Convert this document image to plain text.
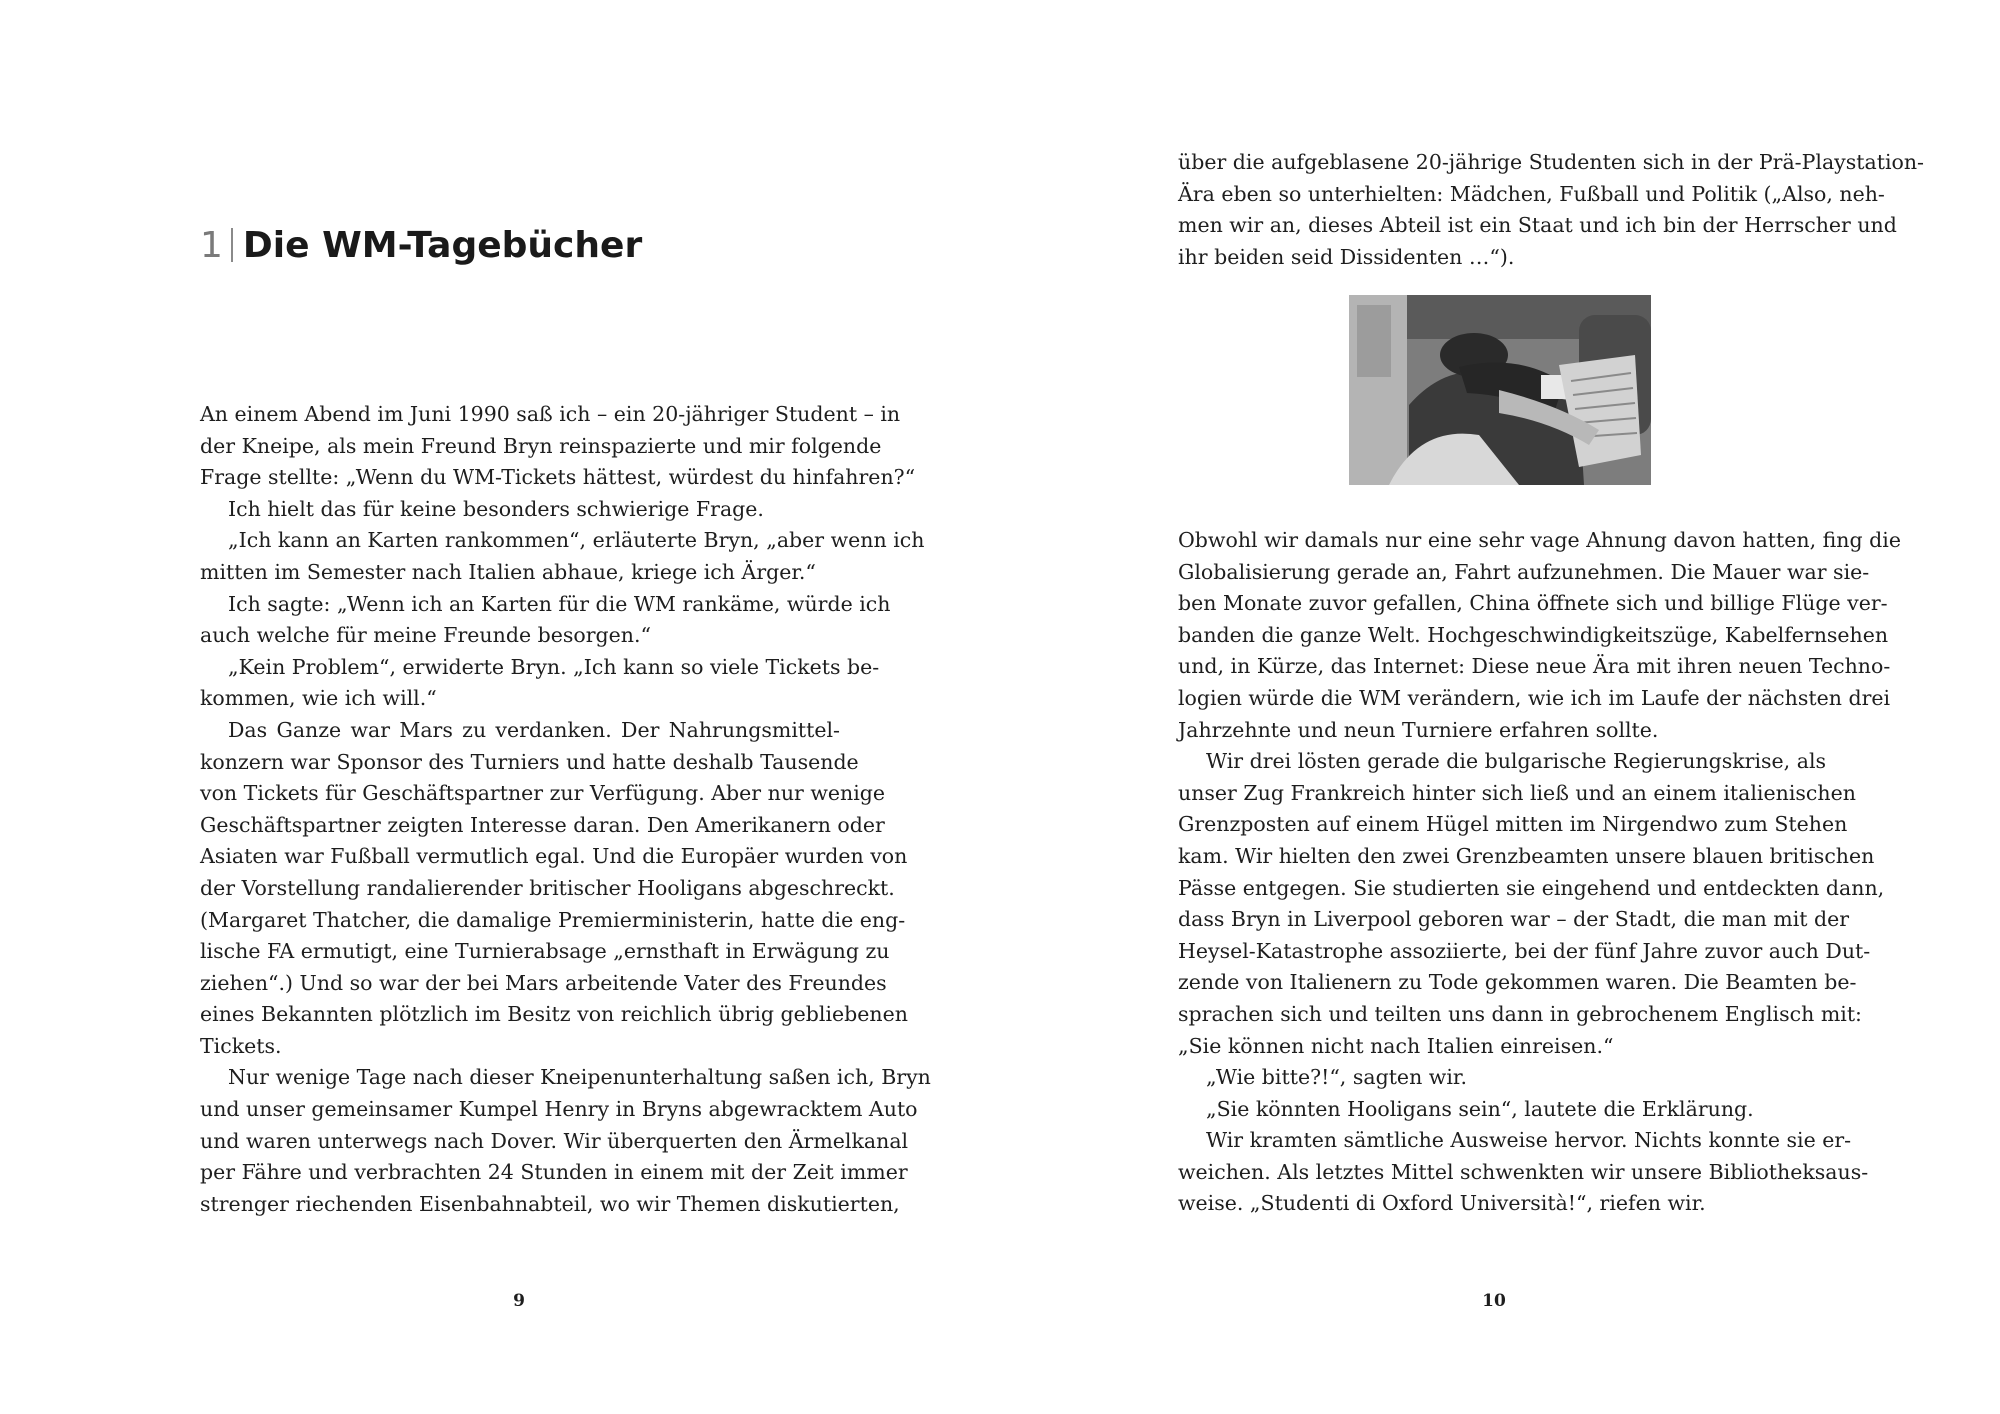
1 Die WM-Tagebücher

An einem Abend im Juni 1990 saß ich – ein 20-jähriger Student – in

der Kneipe, als mein Freund Bryn reinspazierte und mir folgende

Frage stellte: „Wenn du WM-Tickets hättest, würdest du hinfahren?“

Ich hielt das für keine besonders schwierige Frage.

„Ich kann an Karten rankommen“, erläuterte Bryn, „aber wenn ich

mitten im Semester nach Italien abhaue, kriege ich Ärger.“

Ich sagte: „Wenn ich an Karten für die WM rankäme, würde ich

auch welche für meine Freunde besorgen.“

„Kein Problem“, erwiderte Bryn. „Ich kann so viele Tickets be-

kommen, wie ich will.“

Das Ganze war Mars zu verdanken. Der Nahrungsmittel-

konzern war Sponsor des Turniers und hatte deshalb Tausende

von Tickets für Geschäftspartner zur Verfügung. Aber nur wenige

Geschäftspartner zeigten Interesse daran. Den Amerikanern oder

Asiaten war Fußball vermutlich egal. Und die Europäer wurden von

der Vorstellung randalierender britischer Hooligans abgeschreckt.

(Margaret Thatcher, die damalige Premierministerin, hatte die eng-

lische FA ermutigt, eine Turnierabsage „ernsthaft in Erwägung zu

ziehen“.) Und so war der bei Mars arbeitende Vater des Freundes

eines Bekannten plötzlich im Besitz von reichlich übrig gebliebenen

Tickets.

Nur wenige Tage nach dieser Kneipenunterhaltung saßen ich, Bryn

und unser gemeinsamer Kumpel Henry in Bryns abgewracktem Auto

und waren unterwegs nach Dover. Wir überquerten den Ärmelkanal

per Fähre und verbrachten 24 Stunden in einem mit der Zeit immer

strenger riechenden Eisenbahnabteil, wo wir Themen diskutierten,

9

über die aufgeblasene 20-jährige Studenten sich in der Prä-Playstation-

Ära eben so unterhielten: Mädchen, Fußball und Politik („Also, neh-

men wir an, dieses Abteil ist ein Staat und ich bin der Herrscher und

ihr beiden seid Dissidenten …“).

Obwohl wir damals nur eine sehr vage Ahnung davon hatten, fing die

Globalisierung gerade an, Fahrt aufzunehmen. Die Mauer war sie-

ben Monate zuvor gefallen, China öffnete sich und billige Flüge ver-

banden die ganze Welt. Hochgeschwindigkeitszüge, Kabelfernsehen

und, in Kürze, das Internet: Diese neue Ära mit ihren neuen Techno-

logien würde die WM verändern, wie ich im Laufe der nächsten drei

Jahrzehnte und neun Turniere erfahren sollte.

Wir drei lösten gerade die bulgarische Regierungskrise, als

unser Zug Frankreich hinter sich ließ und an einem italienischen

Grenzposten auf einem Hügel mitten im Nirgendwo zum Stehen

kam. Wir hielten den zwei Grenzbeamten unsere blauen britischen

Pässe entgegen. Sie studierten sie eingehend und entdeckten dann,

dass Bryn in Liverpool geboren war – der Stadt, die man mit der

Heysel-Katastrophe assoziierte, bei der fünf Jahre zuvor auch Dut-

zende von Italienern zu Tode gekommen waren. Die Beamten be-

sprachen sich und teilten uns dann in gebrochenem Englisch mit:

„Sie können nicht nach Italien einreisen.“

„Wie bitte?!“, sagten wir.

„Sie könnten Hooligans sein“, lautete die Erklärung.

Wir kramten sämtliche Ausweise hervor. Nichts konnte sie er-

weichen. Als letztes Mittel schwenkten wir unsere Bibliotheksaus-

weise. „Studenti di Oxford Università!“, riefen wir.

10
